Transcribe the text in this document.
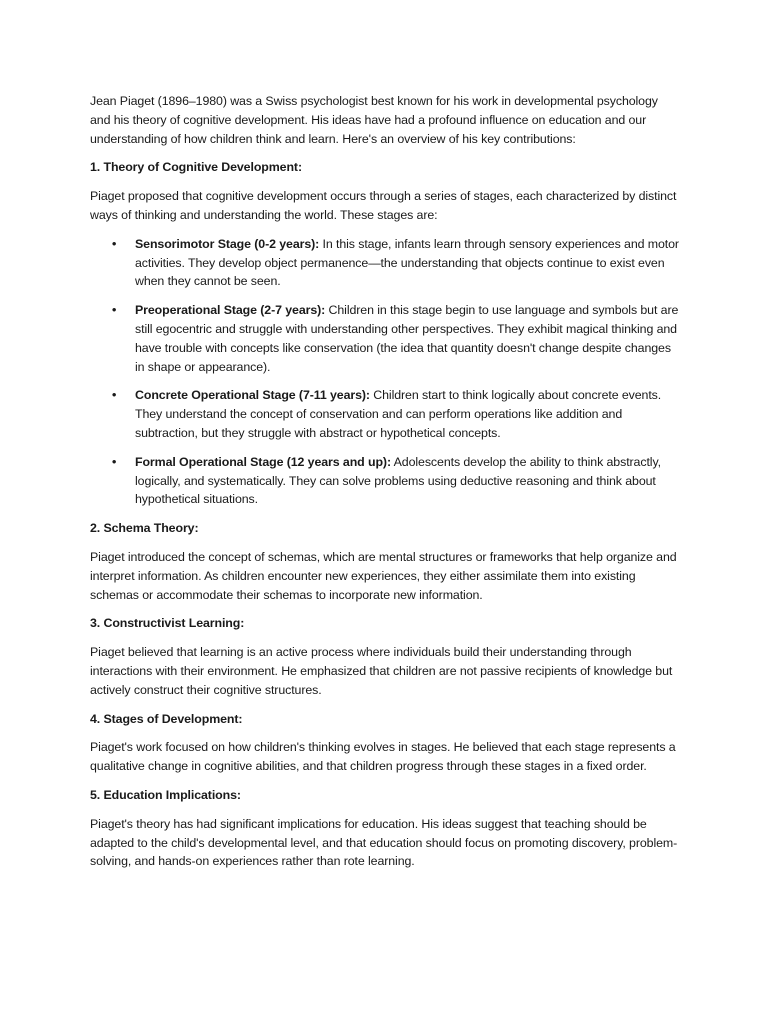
Jean Piaget (1896–1980) was a Swiss psychologist best known for his work in developmental psychology and his theory of cognitive development. His ideas have had a profound influence on education and our understanding of how children think and learn. Here's an overview of his key contributions:

1. Theory of Cognitive Development:

Piaget proposed that cognitive development occurs through a series of stages, each characterized by distinct ways of thinking and understanding the world. These stages are:

• Sensorimotor Stage (0-2 years): In this stage, infants learn through sensory experiences and motor activities. They develop object permanence—the understanding that objects continue to exist even when they cannot be seen.
• Preoperational Stage (2-7 years): Children in this stage begin to use language and symbols but are still egocentric and struggle with understanding other perspectives. They exhibit magical thinking and have trouble with concepts like conservation (the idea that quantity doesn't change despite changes in shape or appearance).
• Concrete Operational Stage (7-11 years): Children start to think logically about concrete events. They understand the concept of conservation and can perform operations like addition and subtraction, but they struggle with abstract or hypothetical concepts.
• Formal Operational Stage (12 years and up): Adolescents develop the ability to think abstractly, logically, and systematically. They can solve problems using deductive reasoning and think about hypothetical situations.

2. Schema Theory:

Piaget introduced the concept of schemas, which are mental structures or frameworks that help organize and interpret information. As children encounter new experiences, they either assimilate them into existing schemas or accommodate their schemas to incorporate new information.

3. Constructivist Learning:

Piaget believed that learning is an active process where individuals build their understanding through interactions with their environment. He emphasized that children are not passive recipients of knowledge but actively construct their cognitive structures.

4. Stages of Development:

Piaget's work focused on how children's thinking evolves in stages. He believed that each stage represents a qualitative change in cognitive abilities, and that children progress through these stages in a fixed order.

5. Education Implications:

Piaget's theory has had significant implications for education. His ideas suggest that teaching should be adapted to the child's developmental level, and that education should focus on promoting discovery, problem-solving, and hands-on experiences rather than rote learning.
